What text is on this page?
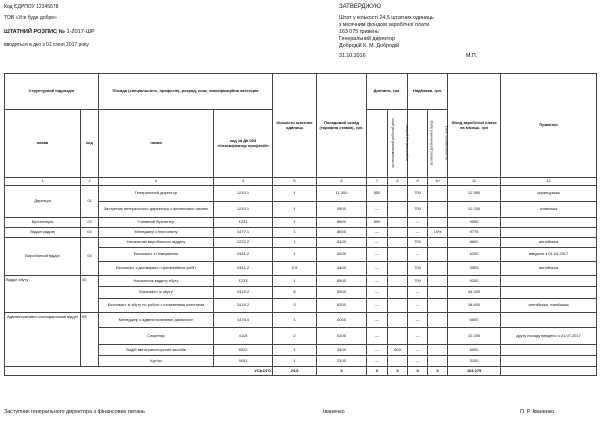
Код ЄДРПОУ 12345678
ТОВ «Усе буде добре»
ШТАТНИЙ РОЗПИС № 1-2017-ШР
вводиться в дію з 01 січня 2017 року
ЗАТВЕРДЖУЮ
Штат у кількості 24,5 штатних одиниць
з місячним фондом заробітної плати
163 075 гривень
Генеральний директор
Добродій К. М. Добродій
31.10.2016	М.П.
Структурний підрозділ		Посада (спеціальність, професія), розряд, клас, кваліфікаційна категорія		Кількість штатних одиниць	Посадовий оклад (тарифна ставка), грн.	Доплати, грн.		Надбавки, грн.		Фонд заробітної плати на місяць, грн	Примітки
назва	код	назва	код за ДК 003 «Класифікатор професій»			за ненормований робочий день	за роз'їзний х-р роботи	за високі досягнення в праці	за інтенсивність праці		
1	2	3	4	5	6	7	8	9	10	11	12
Дирекція	01	Генеральний директор	1210.1	1	11 300	550		700		12 550	французька
		Заступник генерального директора з фінансових питань	1210.1	1	9500	—		700		10 200	іспанська
Бухгалтерія	02	Головний бухгалтер	1231	1	8500	550		—		9050	
Відділ кадрів	03	Менеджер з персоналу	1477.1	1	8500	—		—	15%	9775	
Виробничий відділ	04	Начальник виробничого відділу	1222.2	1	8100	—		700		8800	англійська
		Економіст з планування	2441.2	1	6200	—		—		6200	введено з 01.04.2017
		Економіст з договірних і претензійних робіт	2441.2	0,5	6400	—		700		3905	англійська
Відділ збуту	05	Начальник відділу збуту	1233	1	8500	—		700		9200	
		Економіст зі збуту	2419.2	8	5500	—		—		44 000	
		Економіст зі збуту по роботі з іноземними клієнтами	2419.2	3	6200	—		—		18 600	англійська, італійська
Адміністративно-господарський відділ	06	Менеджер з адміністративної діяльності	1475.4	1	6000	—		—		6000	
		Секретар	4115	2	5100	—		—		10 200	другу посаду введено з 01.07.2017
		Водій автотранспортних засобів	8322	1	5400	—	600	—		6000	
		Кур'єр	9151	1	3100	—		—		3100	
			УСЬОГО	24,5	X	X	X	X	X	163 075	
Заступник генерального директора з фінансових питань	Іваненко	П. Р. Іваненко
